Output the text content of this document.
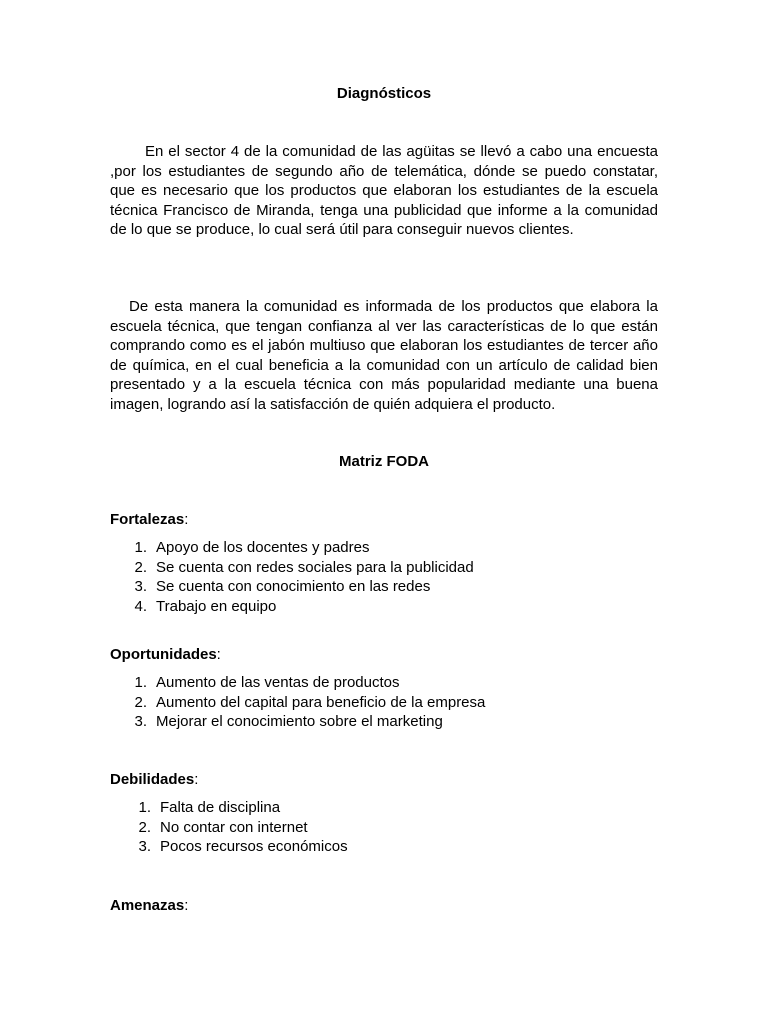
Diagnósticos

En el sector 4 de la comunidad de las agüitas se llevó a cabo una encuesta ,por los estudiantes de segundo año de telemática, dónde se puedo constatar, que es necesario que los productos que elaboran los estudiantes de la escuela técnica Francisco de Miranda, tenga una publicidad que informe a la comunidad de lo que se produce, lo cual será útil para conseguir nuevos clientes.

De esta manera la comunidad es informada de los productos que elabora la escuela técnica, que tengan confianza al ver las características de lo que están comprando como es el jabón multiuso que elaboran los estudiantes de tercer año de química, en el cual beneficia a la comunidad con un artículo de calidad bien presentado y a la escuela técnica con más popularidad mediante una buena imagen, logrando así la satisfacción de quién adquiera el producto.

Matriz FODA

Fortalezas:

1. Apoyo de los docentes y padres
2. Se cuenta con redes sociales para la publicidad
3. Se cuenta con conocimiento en las redes
4. Trabajo en equipo

Oportunidades:

1. Aumento de las ventas de productos
2. Aumento del capital para beneficio de la empresa
3. Mejorar el conocimiento sobre el marketing

Debilidades:

1. Falta de disciplina
2. No contar con internet
3. Pocos recursos económicos

Amenazas:
